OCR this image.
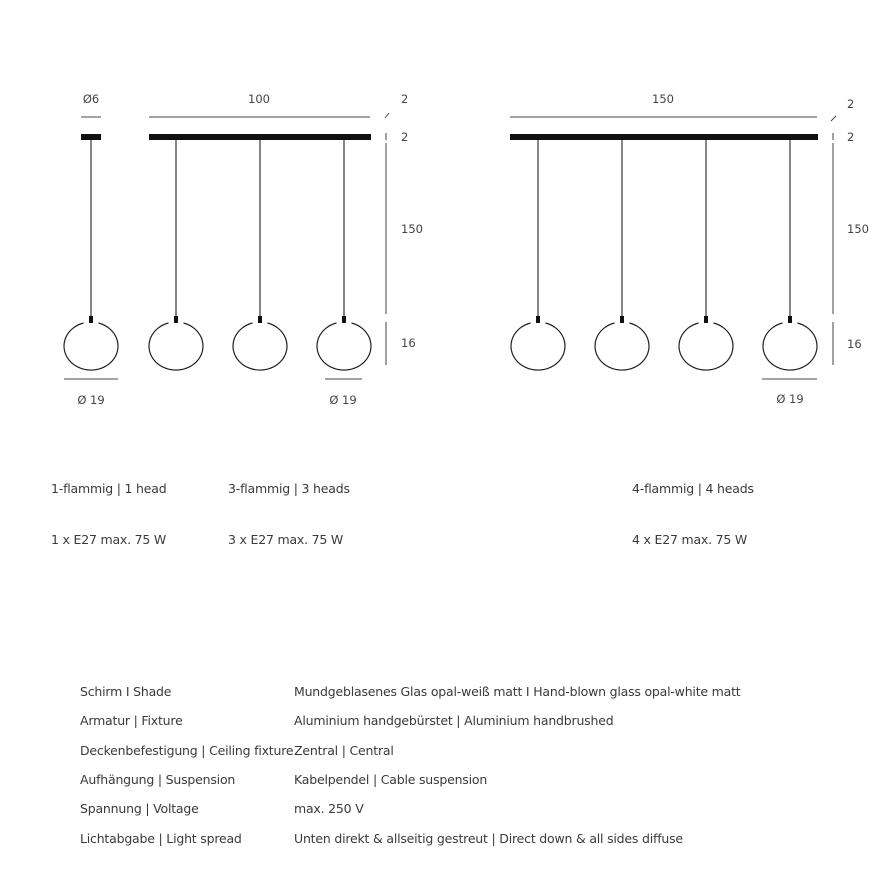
Ø6
Ø 19
100
Ø 19
2
2
150
16
150
Ø 19
2
2
150
16
1-flammig | 1 head
1 x E27 max. 75 W
3-flammig | 3 heads
3 x E27 max. 75 W
4-flammig | 4 heads
4 x E27 max. 75 W
Schirm I Shade	Mundgeblasenes Glas opal-weiß matt I Hand-blown glass opal-white matt
Armatur | Fixture	Aluminium handgebürstet | Aluminium handbrushed
Deckenbefestigung | Ceiling fixture	Zentral | Central
Aufhängung | Suspension	Kabelpendel | Cable suspension
Spannung | Voltage	max. 250 V
Lichtabgabe | Light spread	Unten direkt & allseitig gestreut | Direct down & all sides diffuse
